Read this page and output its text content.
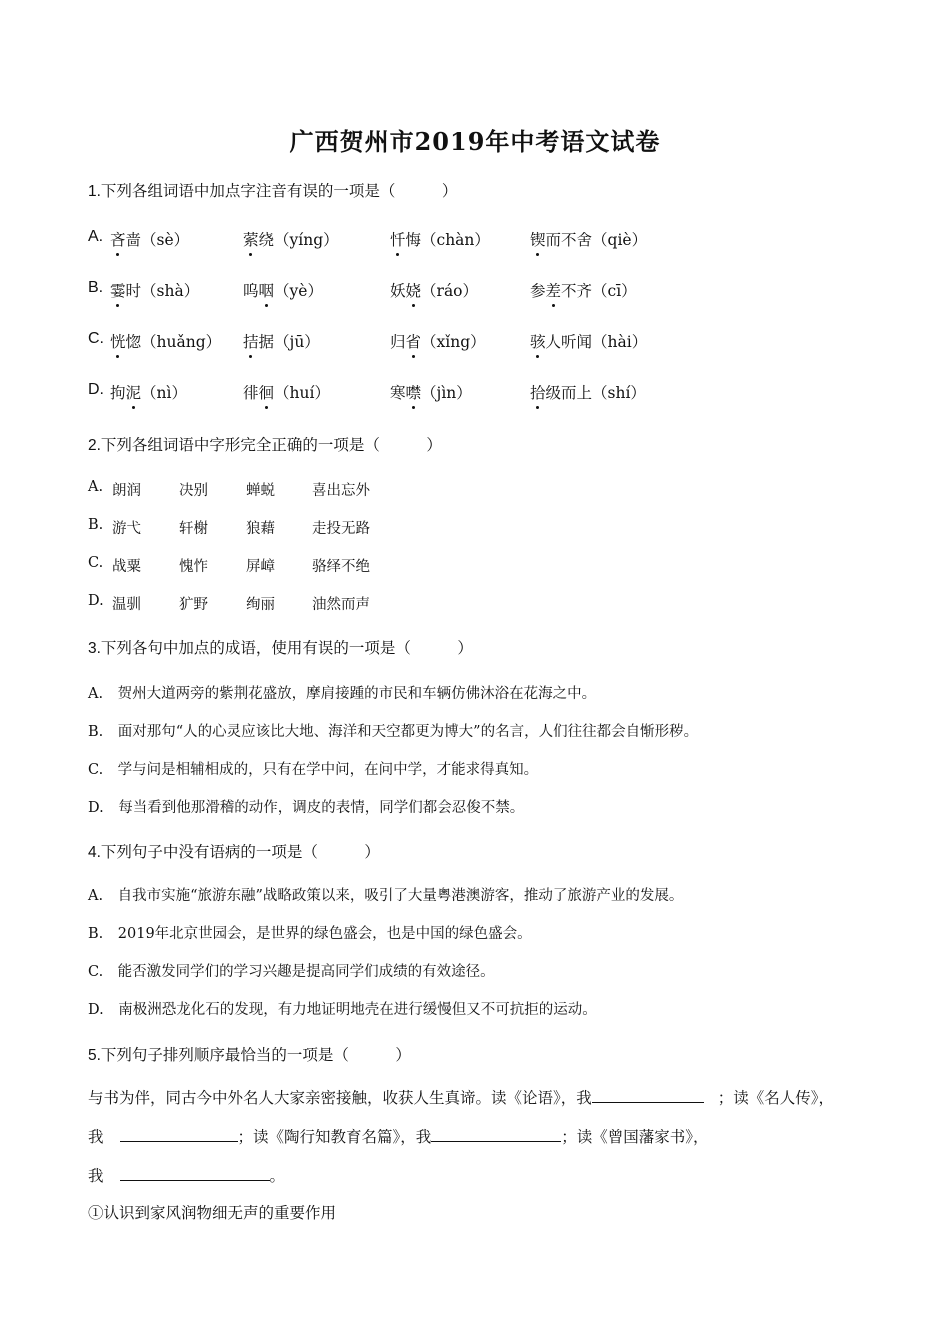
广西贺州市2019年中考语文试卷
1.下列各组词语中加点字注音有误的一项是（　　　）
A. 吝啬（sè）	萦绕（yíng）	忏悔（chàn）	锲而不舍（qiè）
B. 霎时（shà）	呜咽（yè）	妖娆（ráo）	参差不齐（cī）
C. 恍惚（huǎng） 拮据（jū）	归省（xǐng）	骇人听闻（hài）
D. 拘泥（nì）	徘徊（huí）	寒噤（jìn）	拾级而上（shí）
2.下列各组词语中字形完全正确的一项是（　　　）
A. 朗润	决别	蝉蜕	喜出忘外
B. 游弋	轩榭	狼藉	走投无路
C. 战粟	愧怍	屏嶂	骆绎不绝
D. 温驯	犷野	绚丽	油然而声
3.下列各句中加点的成语，使用有误的一项是（　　　）
A.　贺州大道两旁的紫荆花盛放，摩肩接踵的市民和车辆仿佛沐浴在花海之中。
B.　面对那句“人的心灵应该比大地、海洋和天空都更为博大”的名言，人们往往都会自惭形秽。
C.　学与问是相辅相成的，只有在学中问，在问中学，才能求得真知。
D.　每当看到他那滑稽的动作，调皮的表情，同学们都会忍俊不禁。
4.下列句子中没有语病的一项是（　　　）
A.　自我市实施“旅游东融”战略政策以来，吸引了大量粤港澳游客，推动了旅游产业的发展。
B.　2019年北京世园会，是世界的绿色盛会，也是中国的绿色盛会。
C.　能否激发同学们的学习兴趣是提高同学们成绩的有效途径。
D.　南极洲恐龙化石的发现，有力地证明地壳在进行缓慢但又不可抗拒的运动。
5.下列句子排列顺序最恰当的一项是（　　　）
与书为伴，同古今中外名人大家亲密接触，收获人生真谛。读《论语》，我	；读《名人传》，
我	；读《陶行知教育名篇》，我	；读《曾国藩家书》，
我	。
①认识到家风润物细无声的重要作用
